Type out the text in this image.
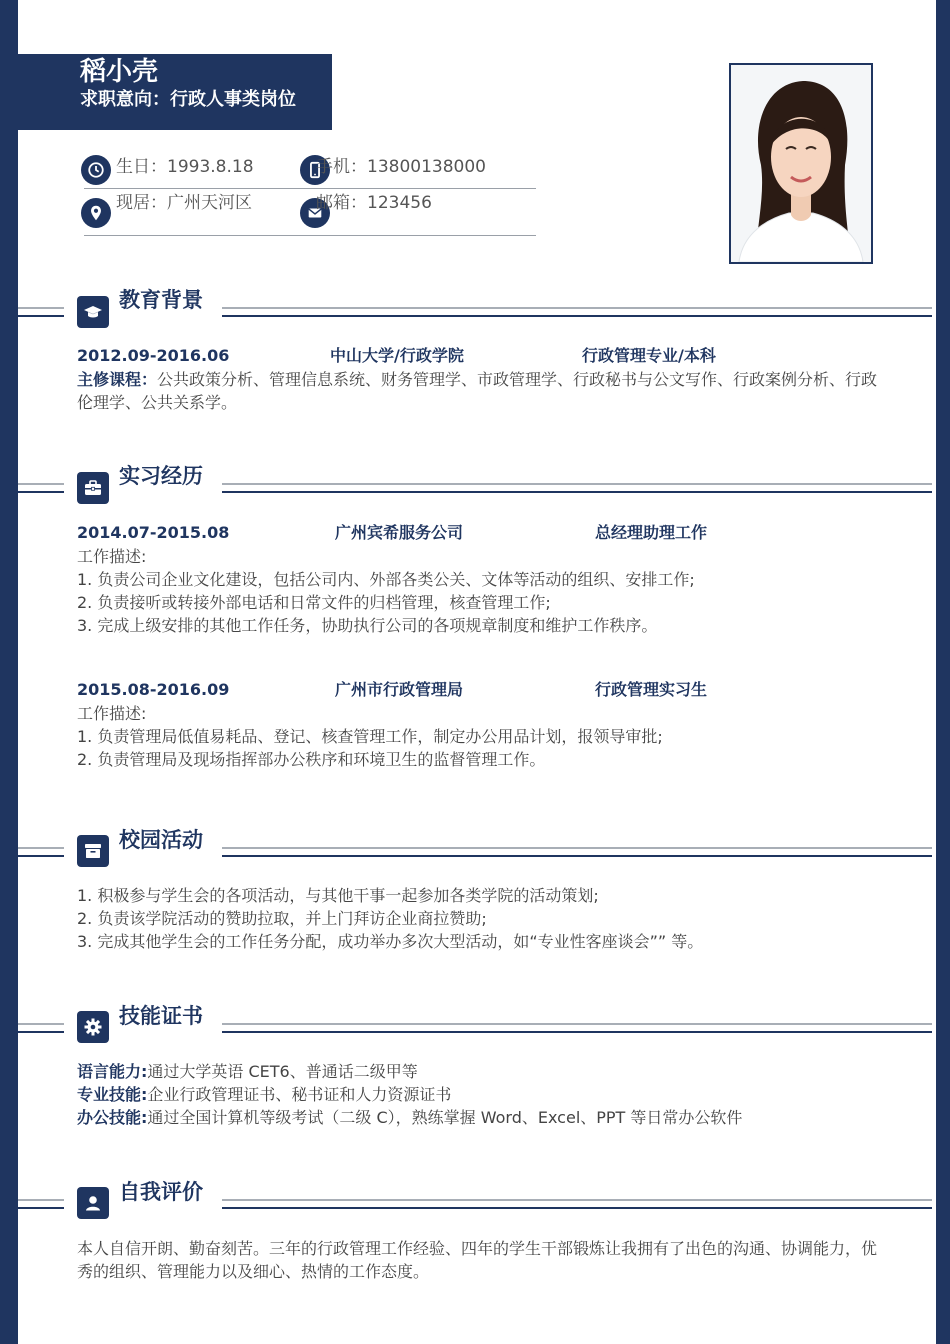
稻小壳
求职意向：行政人事类岗位
生日：1993.8.18	手机：13800138000
现居：广州天河区	邮箱：123456
教育背景
2012.09-2016.06	中山大学/行政学院	行政管理专业/本科
主修课程：公共政策分析、管理信息系统、财务管理学、市政管理学、行政秘书与公文写作、行政案例分析、行政伦理学、公共关系学。
实习经历
2014.07-2015.08	广州宾希服务公司	总经理助理工作
工作描述:
1. 负责公司企业文化建设，包括公司内、外部各类公关、文体等活动的组织、安排工作;
2. 负责接听或转接外部电话和日常文件的归档管理，核查管理工作;
3. 完成上级安排的其他工作任务，协助执行公司的各项规章制度和维护工作秩序。
2015.08-2016.09	广州市行政管理局	行政管理实习生
工作描述:
1. 负责管理局低值易耗品、登记、核查管理工作，制定办公用品计划，报领导审批;
2. 负责管理局及现场指挥部办公秩序和环境卫生的监督管理工作。
校园活动
1. 积极参与学生会的各项活动，与其他干事一起参加各类学院的活动策划;
2. 负责该学院活动的赞助拉取，并上门拜访企业商拉赞助;
3. 完成其他学生会的工作任务分配，成功举办多次大型活动，如“专业性客座谈会”” 等。
技能证书
语言能力:通过大学英语 CET6、普通话二级甲等
专业技能:企业行政管理证书、秘书证和人力资源证书
办公技能:通过全国计算机等级考试（二级 C），熟练掌握 Word、Excel、PPT 等日常办公软件
自我评价
本人自信开朗、勤奋刻苦。三年的行政管理工作经验、四年的学生干部锻炼让我拥有了出色的沟通、协调能力，优秀的组织、管理能力以及细心、热情的工作态度。
